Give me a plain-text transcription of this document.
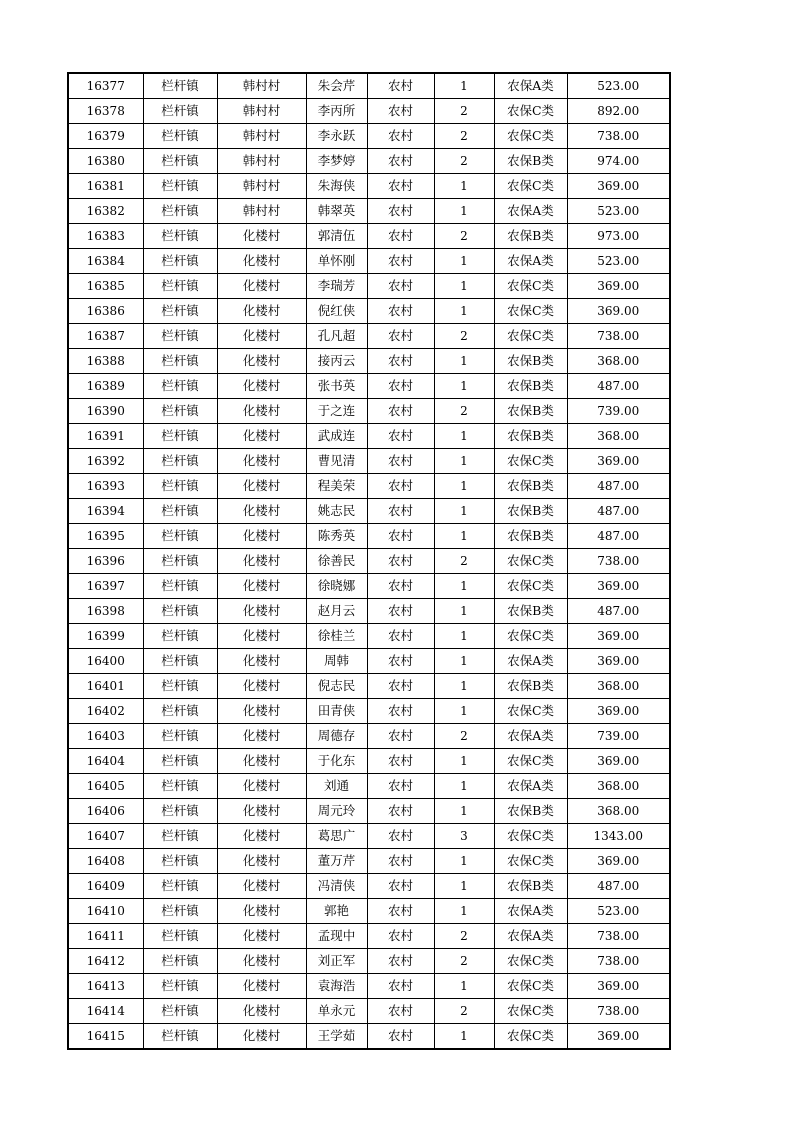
16377	栏杆镇	韩村村	朱会芹	农村	1	农保A类	523.00
16378	栏杆镇	韩村村	李丙所	农村	2	农保C类	892.00
16379	栏杆镇	韩村村	李永跃	农村	2	农保C类	738.00
16380	栏杆镇	韩村村	李梦婷	农村	2	农保B类	974.00
16381	栏杆镇	韩村村	朱海侠	农村	1	农保C类	369.00
16382	栏杆镇	韩村村	韩翠英	农村	1	农保A类	523.00
16383	栏杆镇	化楼村	郭清伍	农村	2	农保B类	973.00
16384	栏杆镇	化楼村	单怀刚	农村	1	农保A类	523.00
16385	栏杆镇	化楼村	李瑞芳	农村	1	农保C类	369.00
16386	栏杆镇	化楼村	倪红侠	农村	1	农保C类	369.00
16387	栏杆镇	化楼村	孔凡超	农村	2	农保C类	738.00
16388	栏杆镇	化楼村	接丙云	农村	1	农保B类	368.00
16389	栏杆镇	化楼村	张书英	农村	1	农保B类	487.00
16390	栏杆镇	化楼村	于之连	农村	2	农保B类	739.00
16391	栏杆镇	化楼村	武成连	农村	1	农保B类	368.00
16392	栏杆镇	化楼村	曹见清	农村	1	农保C类	369.00
16393	栏杆镇	化楼村	程美荣	农村	1	农保B类	487.00
16394	栏杆镇	化楼村	姚志民	农村	1	农保B类	487.00
16395	栏杆镇	化楼村	陈秀英	农村	1	农保B类	487.00
16396	栏杆镇	化楼村	徐善民	农村	2	农保C类	738.00
16397	栏杆镇	化楼村	徐晓娜	农村	1	农保C类	369.00
16398	栏杆镇	化楼村	赵月云	农村	1	农保B类	487.00
16399	栏杆镇	化楼村	徐桂兰	农村	1	农保C类	369.00
16400	栏杆镇	化楼村	周韩	农村	1	农保A类	369.00
16401	栏杆镇	化楼村	倪志民	农村	1	农保B类	368.00
16402	栏杆镇	化楼村	田青侠	农村	1	农保C类	369.00
16403	栏杆镇	化楼村	周德存	农村	2	农保A类	739.00
16404	栏杆镇	化楼村	于化东	农村	1	农保C类	369.00
16405	栏杆镇	化楼村	刘通	农村	1	农保A类	368.00
16406	栏杆镇	化楼村	周元玲	农村	1	农保B类	368.00
16407	栏杆镇	化楼村	葛思广	农村	3	农保C类	1343.00
16408	栏杆镇	化楼村	董万芹	农村	1	农保C类	369.00
16409	栏杆镇	化楼村	冯清侠	农村	1	农保B类	487.00
16410	栏杆镇	化楼村	郭艳	农村	1	农保A类	523.00
16411	栏杆镇	化楼村	孟现中	农村	2	农保A类	738.00
16412	栏杆镇	化楼村	刘正军	农村	2	农保C类	738.00
16413	栏杆镇	化楼村	袁海浩	农村	1	农保C类	369.00
16414	栏杆镇	化楼村	单永元	农村	2	农保C类	738.00
16415	栏杆镇	化楼村	王学茹	农村	1	农保C类	369.00
